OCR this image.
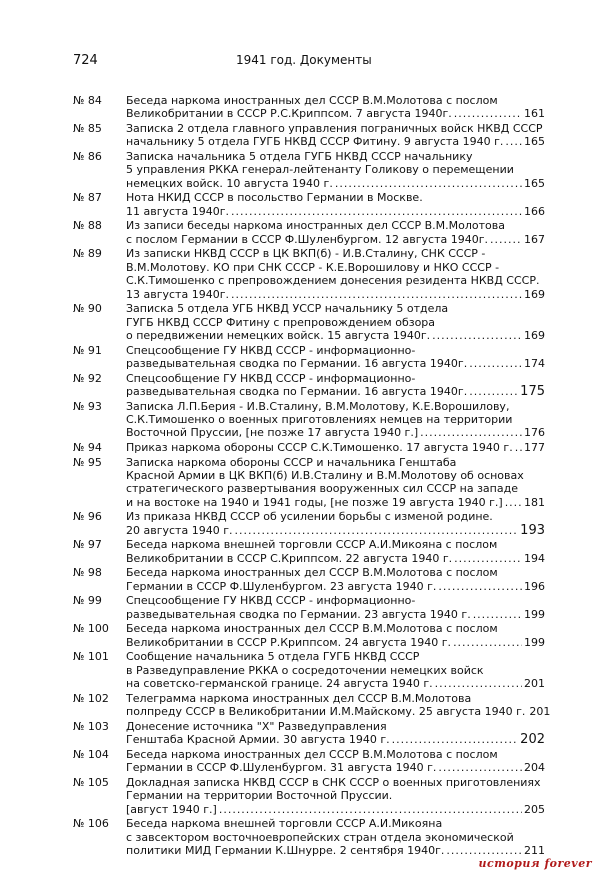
724	1941 год. Документы
№ 84	Беседа наркома иностранных дел СССР В.М.Молотова с послом
Великобритании в СССР Р.С.Криппсом. 7 августа 1940г. .....	161
№ 85	Записка 2 отдела главного управления пограничных войск НКВД СССР
начальнику 5 отдела ГУГБ НКВД СССР Фитину. 9 августа 1940 г. ..... 165
№ 86	Записка начальника 5 отдела ГУГБ НКВД СССР начальнику
5 управления РККА генерал-лейтенанту Голикову о перемещении
немецких войск. 10 августа 1940 г. .....	165
№ 87	Нота НКИД СССР в посольство Германии в Москве.
11 августа 1940г. .....	166
№ 88	Из записи беседы наркома иностранных дел СССР В.М.Молотова
с послом Германии в СССР Ф.Шуленбургом. 12 августа 1940г. .....	167
№ 89	Из записки НКВД СССР в ЦК ВКП(б) - И.В.Сталину, СНК СССР -
В.М.Молотову. КО при СНК СССР - К.Е.Ворошилову и НКО СССР -
С.К.Тимошенко с препровождением донесения резидента НКВД СССР.
13 августа 1940г. .....	169
№ 90	Записка 5 отдела УГБ НКВД УССР начальнику 5 отдела
ГУГБ НКВД СССР Фитину с препровождением обзора
о передвижении немецких войск. 15 августа 1940г. .....	169
№ 91	Спецсообщение ГУ НКВД СССР - информационно-
разведывательная сводка по Германии. 16 августа 1940г. .....	174
№ 92	Спецсообщение ГУ НКВД СССР - информационно-
разведывательная сводка по Германии. 16 августа 1940г. .....	175
№ 93	Записка Л.П.Берия - И.В.Сталину, В.М.Молотову, К.Е.Ворошилову,
С.К.Тимошенко о военных приготовлениях немцев на территории
Восточной Пруссии, [не позже 17 августа 1940 г.] .....	176
№ 94	Приказ наркома обороны СССР С.К.Тимошенко. 17 августа 1940 г. ..... 177
№ 95	Записка наркома обороны СССР и начальника Генштаба
Красной Армии в ЦК ВКП(б) И.В.Сталину и В.М.Молотову об основах
стратегического развертывания вооруженных сил СССР на западе
и на востоке на 1940 и 1941 годы, [не позже 19 августа 1940 г.] ..... 181
№ 96	Из приказа НКВД СССР об усилении борьбы с изменой родине.
20 августа 1940 г. .....	193
№ 97	Беседа наркома внешней торговли СССР А.И.Микояна с послом
Великобритании в СССР С.Криппсом. 22 августа 1940 г. .....	194
№ 98	Беседа наркома иностранных дел СССР В.М.Молотова с послом
Германии в СССР Ф.Шуленбургом. 23 августа 1940 г. .....	196
№ 99	Спецсообщение ГУ НКВД СССР - информационно-
разведывательная сводка по Германии. 23 августа 1940 г. .....	199
№ 100	Беседа наркома иностранных дел СССР В.М.Молотова с послом
Великобритании в СССР Р.Криппсом. 24 августа 1940 г. .....	199
№ 101	Сообщение начальника 5 отдела ГУГБ НКВД СССР
в Разведуправление РККА о сосредоточении немецких войск
на советско-германской границе. 24 августа 1940 г. .....	201
№ 102	Телеграмма наркома иностранных дел СССР В.М.Молотова
полпреду СССР в Великобритании И.М.Майскому. 25 августа 1940 г. 201
№ 103	Донесение источника "Х" Разведуправления
Генштаба Красной Армии. 30 августа 1940 г. .....	202
№ 104	Беседа наркома иностранных дел СССР В.М.Молотова с послом
Германии в СССР Ф.Шуленбургом. 31 августа 1940 г. .....	204
№ 105	Докладная записка НКВД СССР в СНК СССР о военных приготовлениях
Германии на территории Восточной Пруссии.
[август 1940 г.] .....	205
№ 106	Беседа наркома внешней торговли СССР А.И.Микояна
с завсектором восточноевропейских стран отдела экономической
политики МИД Германии К.Шнурре. 2 сентября 1940г. .....	211
история forever
